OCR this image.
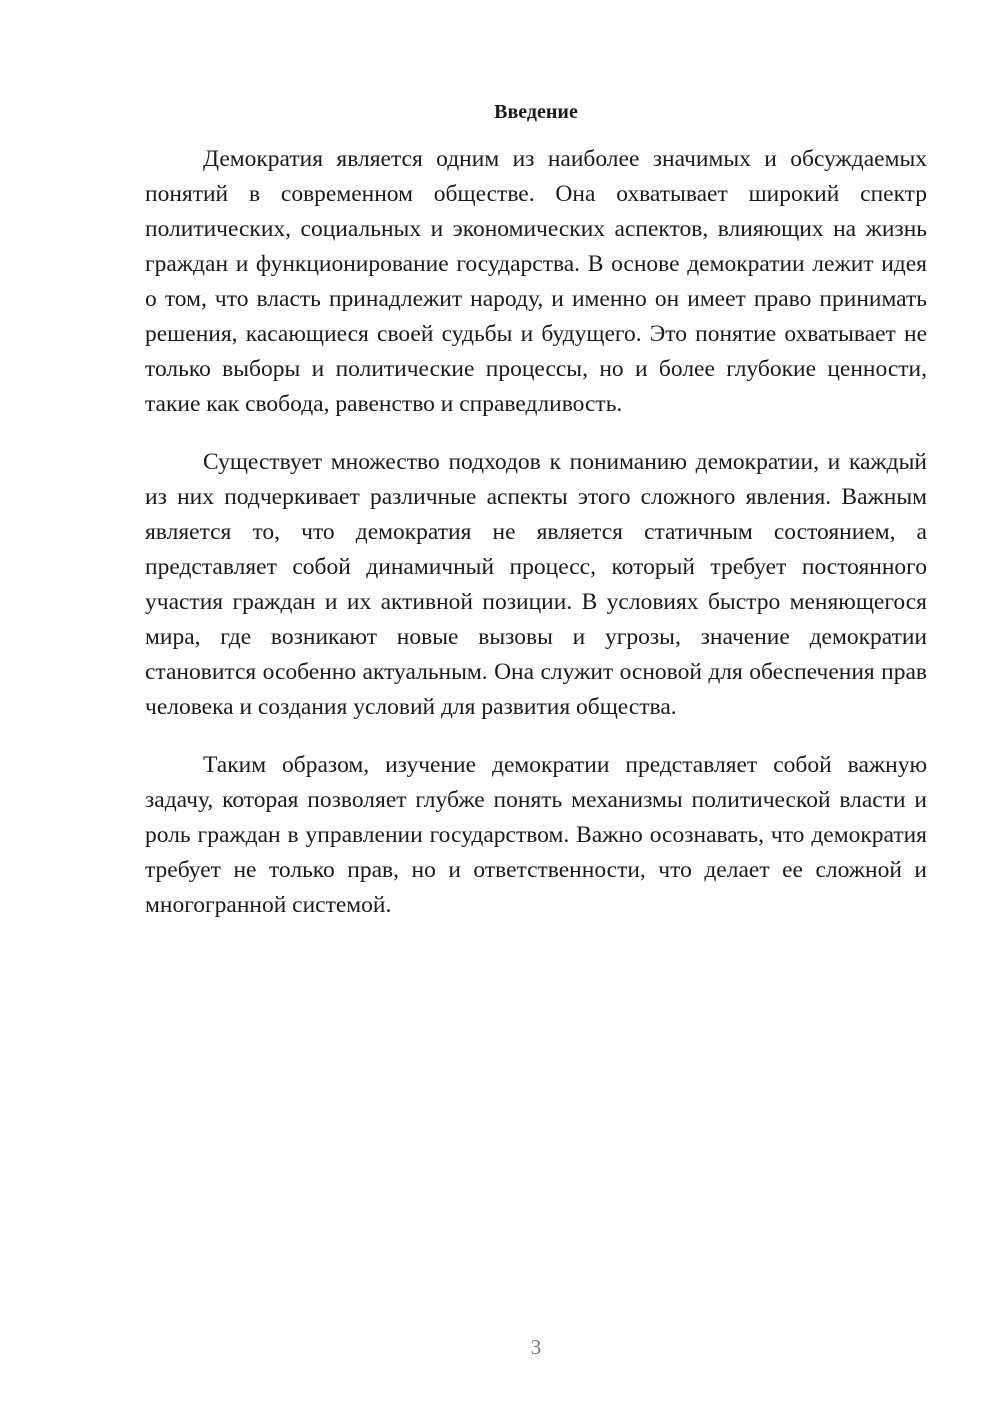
Введение

Демократия является одним из наиболее значимых и обсуждаемых понятий в современном обществе. Она охватывает широкий спектр политических, социальных и экономических аспектов, влияющих на жизнь граждан и функционирование государства. В основе демократии лежит идея о том, что власть принадлежит народу, и именно он имеет право принимать решения, касающиеся своей судьбы и будущего. Это понятие охватывает не только выборы и политические процессы, но и более глубокие ценности, такие как свобода, равенство и справедливость.

Существует множество подходов к пониманию демократии, и каждый из них подчеркивает различные аспекты этого сложного явления. Важным является то, что демократия не является статичным состоянием, а представляет собой динамичный процесс, который требует постоянного участия граждан и их активной позиции. В условиях быстро меняющегося мира, где возникают новые вызовы и угрозы, значение демократии становится особенно актуальным. Она служит основой для обеспечения прав человека и создания условий для развития общества.

Таким образом, изучение демократии представляет собой важную задачу, которая позволяет глубже понять механизмы политической власти и роль граждан в управлении государством. Важно осознавать, что демократия требует не только прав, но и ответственности, что делает ее сложной и многогранной системой.

3
